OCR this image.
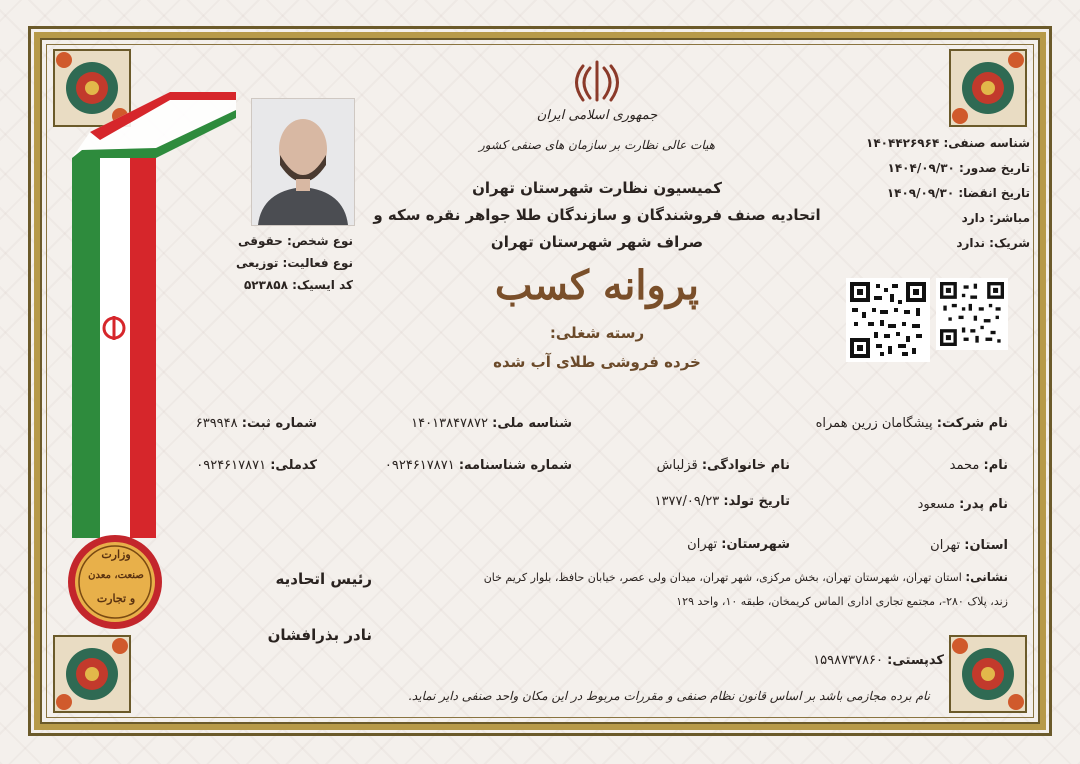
وزارت
صنعت، معدن
و تجارت
جمهوری اسلامی ایران
هیات عالی نظارت بر سازمان های صنفی کشور
کمیسیون نظارت شهرستان تهران
اتحادیه صنف فروشندگان و سازندگان طلا جواهر نقره سکه و
صراف شهر شهرستان تهران
پروانه کسب
رسته شغلی:
خرده فروشی طلای آب شده
نوع شخص: حقوقی
نوع فعالیت: توزیعی
کد ایسیک: ۵۲۳۸۵۸
شناسه صنفی: ۱۴۰۴۴۲۶۹۶۴
تاریخ صدور: ۱۴۰۴/۰۹/۳۰
تاریخ انقضا: ۱۴۰۹/۰۹/۳۰
مباشر: دارد
شریک: ندارد
نام شرکت: پیشگامان زرین همراه
شناسه ملی: ۱۴۰۱۳۸۴۷۸۷۲
شماره ثبت: ۶۳۹۹۴۸
نام: محمد
نام خانوادگی: قزلباش
شماره شناسنامه: ۰۹۲۴۶۱۷۸۷۱
کدملی: ۰۹۲۴۶۱۷۸۷۱
نام پدر: مسعود
تاریخ تولد: ۱۳۷۷/۰۹/۲۳
استان: تهران
شهرستان: تهران
نشانی: استان تهران، شهرستان تهران، بخش مرکزی، شهر تهران، میدان ولی عصر، خیابان حافظ، بلوار کریم خان
زند، پلاک ۲۸۰-، مجتمع تجاری اداری الماس کریمخان، طبقه ۱۰، واحد ۱۲۹
رئیس اتحادیه
نادر بذرافشان
کدپستی: ۱۵۹۸۷۳۷۸۶۰
نام برده مجازمی باشد بر اساس قانون نظام صنفی و مقررات مربوط در این مکان واحد صنفی دایر نماید.
